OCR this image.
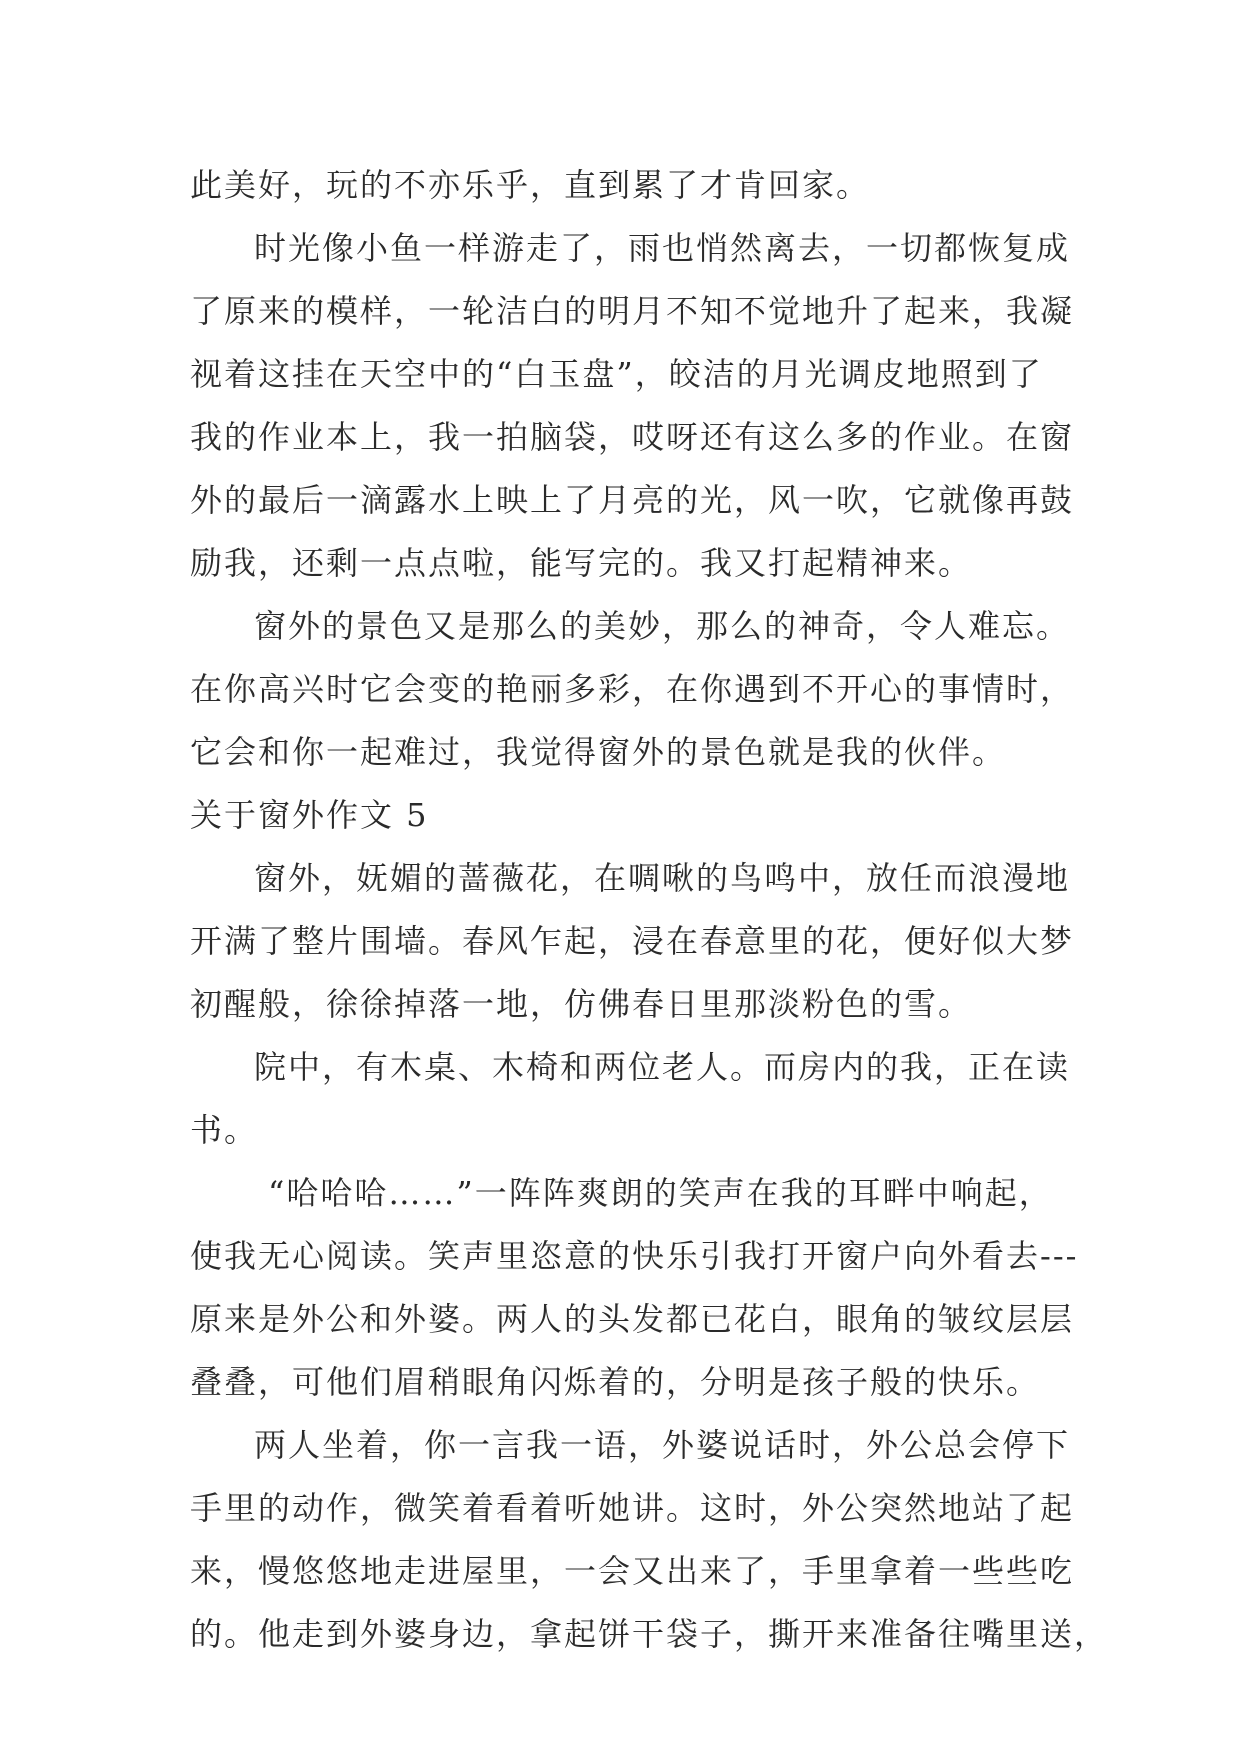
此美好，玩的不亦乐乎，直到累了才肯回家。
时光像小鱼一样游走了，雨也悄然离去，一切都恢复成
了原来的模样，一轮洁白的明月不知不觉地升了起来，我凝
视着这挂在天空中的“白玉盘”，皎洁的月光调皮地照到了
我的作业本上，我一拍脑袋，哎呀还有这么多的作业。在窗
外的最后一滴露水上映上了月亮的光，风一吹，它就像再鼓
励我，还剩一点点啦，能写完的。我又打起精神来。
窗外的景色又是那么的美妙，那么的神奇，令人难忘。
在你高兴时它会变的艳丽多彩，在你遇到不开心的事情时，
它会和你一起难过，我觉得窗外的景色就是我的伙伴。
关于窗外作文 5
窗外，妩媚的蔷薇花，在啁啾的鸟鸣中，放任而浪漫地
开满了整片围墙。春风乍起，浸在春意里的花，便好似大梦
初醒般，徐徐掉落一地，仿佛春日里那淡粉色的雪。
院中，有木桌、木椅和两位老人。而房内的我，正在读
书。
“哈哈哈……”一阵阵爽朗的笑声在我的耳畔中响起，
使我无心阅读。笑声里恣意的快乐引我打开窗户向外看去---
原来是外公和外婆。两人的头发都已花白，眼角的皱纹层层
叠叠，可他们眉稍眼角闪烁着的，分明是孩子般的快乐。
两人坐着，你一言我一语，外婆说话时，外公总会停下
手里的动作，微笑着看着听她讲。这时，外公突然地站了起
来，慢悠悠地走进屋里，一会又出来了，手里拿着一些些吃
的。他走到外婆身边，拿起饼干袋子，撕开来准备往嘴里送，
